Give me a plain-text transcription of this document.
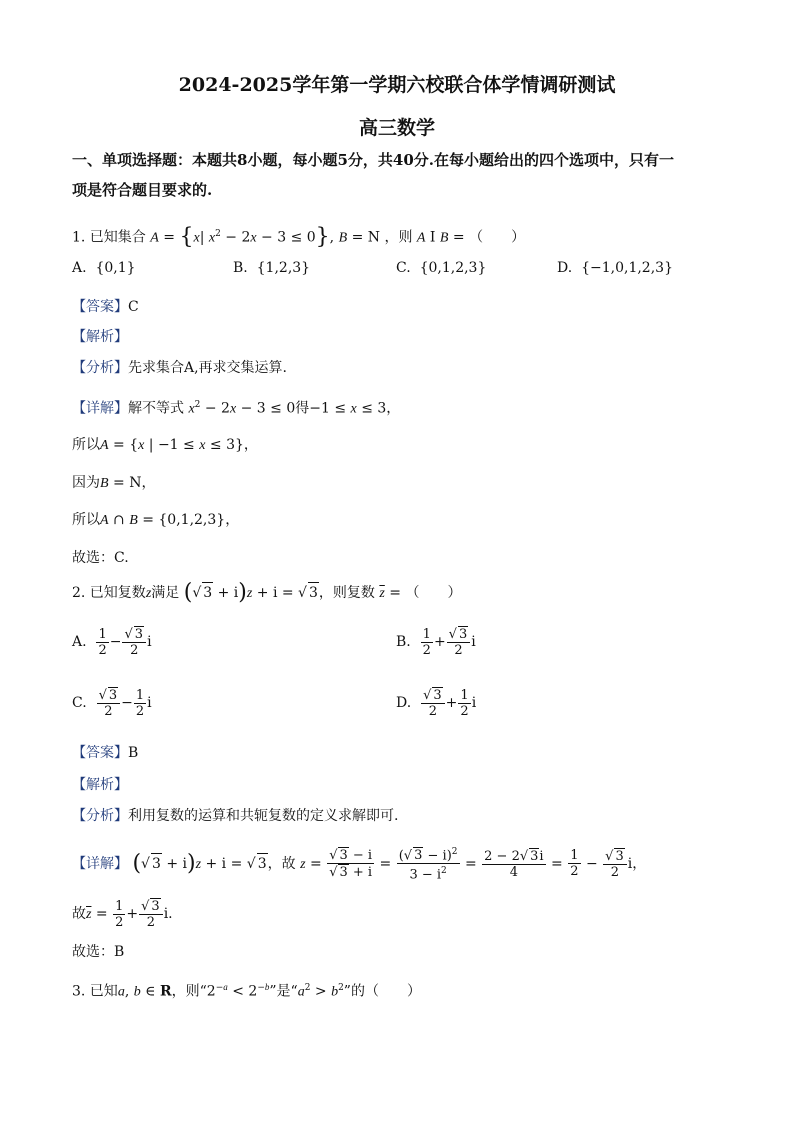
2024-2025学年第一学期六校联合体学情调研测试
高三数学
一、单项选择题：本题共8小题，每小题5分，共40分.在每小题给出的四个选项中，只有一
项是符合题目要求的.
1. 已知集合 A = {x| $x^2 - 2x - 3 \le 0$}, B = N ，则 A I B = （　　）
A.  {0,1}	B.  {1,2,3}	C.  {0,1,2,3}	D.  {−1,0,1,2,3}
【答案】C
【解析】
【分析】先求集合A,再求交集运算.
【详解】解不等式 $x^2 - 2x - 3 \le 0$得−1 ≤ x ≤ 3，
所以A = {x | −1 ≤ x ≤ 3}，
因为B = N，
所以A ∩ B = {0,1,2,3}，
故选：C.
2. 已知复数z满足 (√ 3 + i)z + i = √ 3，则复数 $\overline{z}$ = （　　）
A. $\frac{1}{2} - \frac{√ 3}{2}$ i	B. $\frac{1}{2} + \frac{√ 3}{2}$ i
C. $\frac{√ 3}{2} - \frac{1}{2}$ i	D. $\frac{√ 3}{2} + \frac{1}{2}$ i
【答案】B
【解析】
【分析】利用复数的运算和共轭复数的定义求解即可.
【详解】 (√ 3 + i)z + i = √ 3，故 $z = \frac{√ 3 - i}{√ 3 + i} = \frac{(√ 3 - i)^2}{3 - i^2} = \frac{2 - 2√ 3i}{4} = \frac{1}{2} - \frac{√ 3}{2}$ i，
故$\overline{z} = \frac{1}{2} + \frac{√ 3}{2} i$.
故选：B
3. 已知a, b ∈ R，则“$2^{-a} < 2^{-b}$”是“$a^2 > b^2$”的（　　）
